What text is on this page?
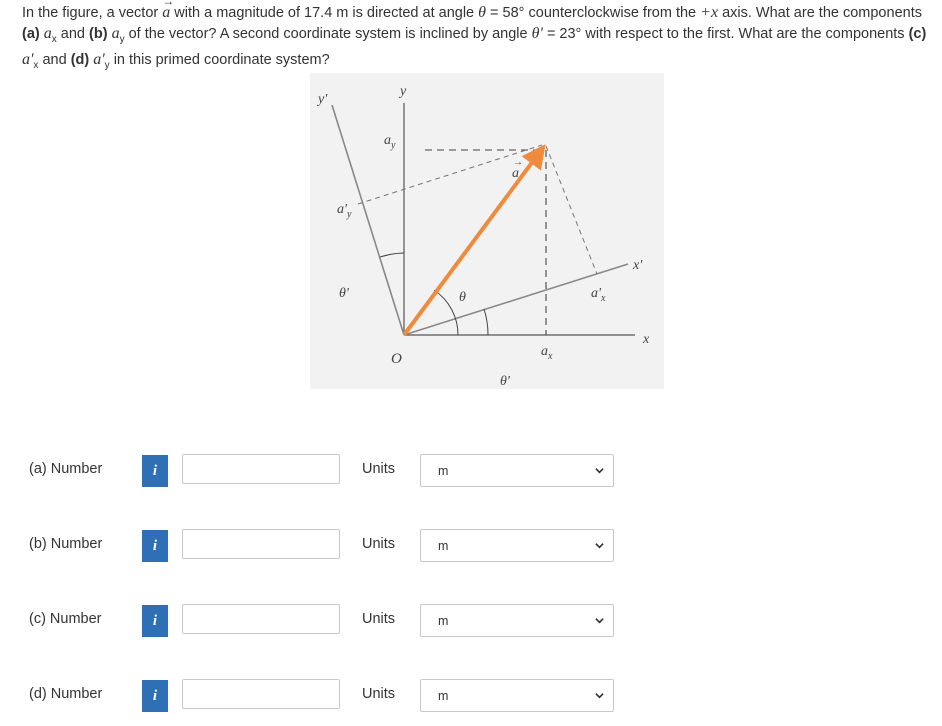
In the figure, a vector
→
a with a magnitude of 17.4 m is directed at angle θ = 58° counterclockwise from the +x axis. What are the components (a) $a_x$ and (b) $a_y$ of the vector? A second coordinate system is inclined by angle θ' = 23° with respect to the first. What are the components (c) $a'_x$ and (d) $a'_y$ in this primed coordinate system?
y
y'
x
x'
O
θ
θ'
θ'
→
a
$a_y$
$a_x$
$a'_y$
$a'_x$
(a) Number	i	Units	m
(b) Number	i	Units	m
(c) Number	i	Units	m
(d) Number	i	Units	m
